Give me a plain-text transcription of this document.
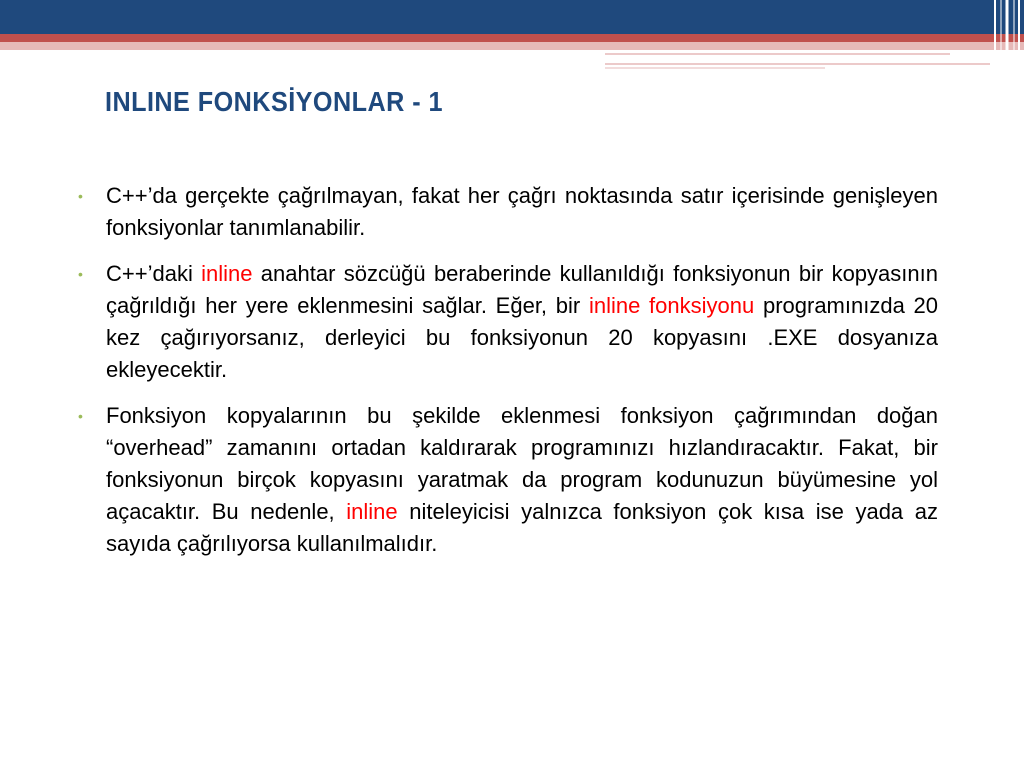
INLINE FONKSİYONLAR - 1
•	C++’da gerçekte çağrılmayan, fakat her çağrı noktasında satır içerisinde genişleyen fonksiyonlar tanımlanabilir.
•	C++’daki inline anahtar sözcüğü beraberinde kullanıldığı fonksiyonun bir kopyasının çağrıldığı her yere eklenmesini sağlar. Eğer, bir inline fonksiyonu programınızda 20 kez çağırıyorsanız, derleyici bu fonksiyonun 20 kopyasını .EXE dosyanıza ekleyecektir.
•	Fonksiyon kopyalarının bu şekilde eklenmesi fonksiyon çağrımından doğan “overhead” zamanını ortadan kaldırarak programınızı hızlandıracaktır. Fakat, bir fonksiyonun birçok kopyasını yaratmak da program kodunuzun büyümesine yol açacaktır. Bu nedenle, inline niteleyicisi yalnızca fonksiyon çok kısa ise yada az sayıda çağrılıyorsa kullanılmalıdır.
